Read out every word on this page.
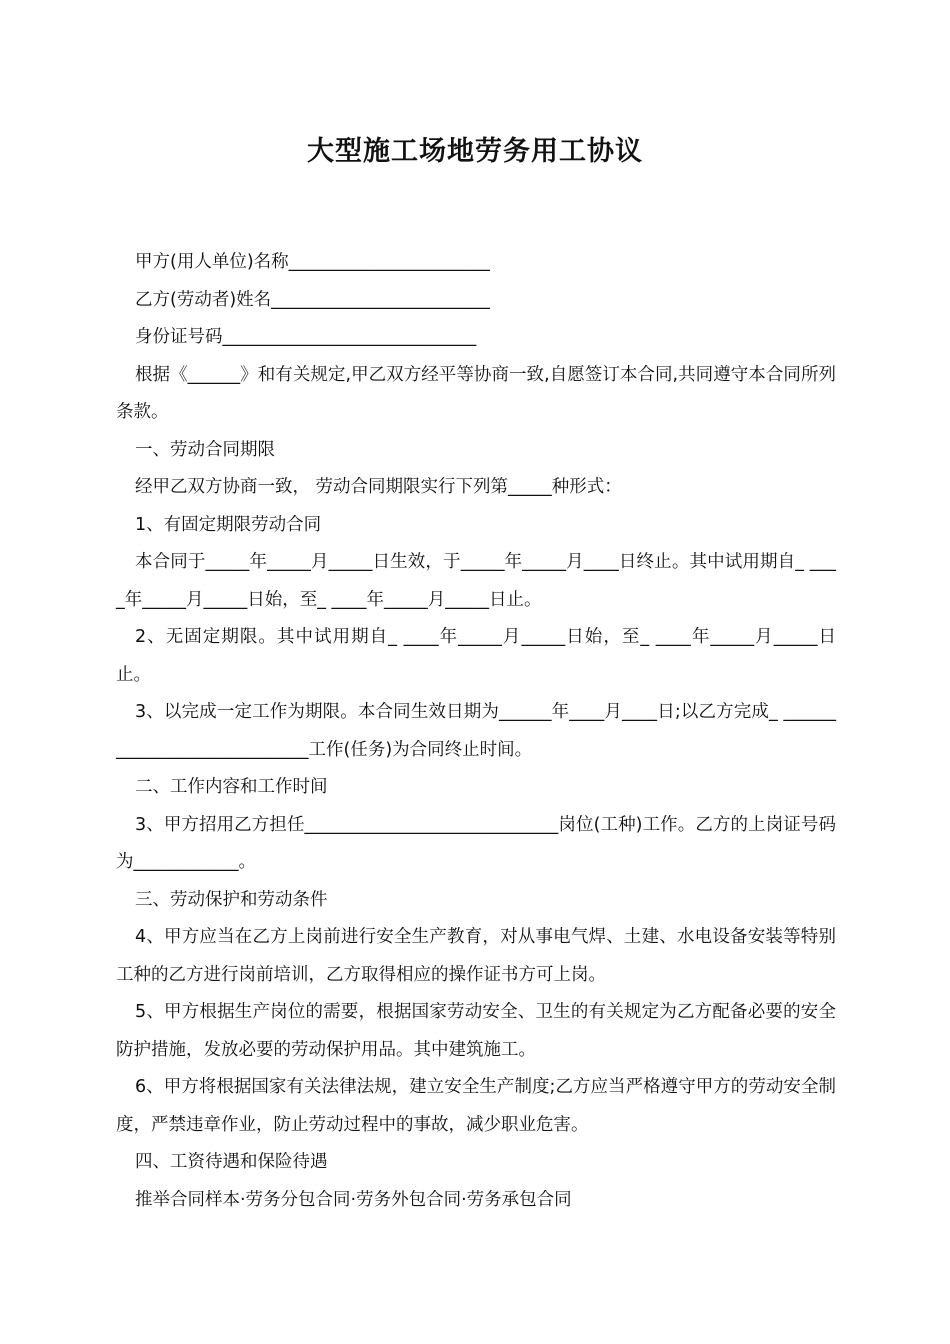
大型施工场地劳务用工协议

甲方(用人单位)名称_______________________

乙方(劳动者)姓名_________________________

身份证号码_____________________________

根据《______》和有关规定,甲乙双方经平等协商一致,自愿签订本合同,共同遵守本合同所列条款。

一、劳动合同期限

经甲乙双方协商一致， 劳动合同期限实行下列第_____种形式：

1、有固定期限劳动合同

本合同于_____年_____月_____日生效，于_____年_____月____日终止。其中试用期自_ ____年_____月_____日始，至_ ____年_____月_____日止。

2、无固定期限。其中试用期自_ ____年_____月_____日始，至_ ____年_____月_____日止。

3、以完成一定工作为期限。本合同生效日期为______年____月____日;以乙方完成_ ____________________________工作(任务)为合同终止时间。

二、工作内容和工作时间

3、甲方招用乙方担任_____________________________岗位(工种)工作。乙方的上岗证号码为____________。

三、劳动保护和劳动条件

4、甲方应当在乙方上岗前进行安全生产教育，对从事电气焊、土建、水电设备安装等特别工种的乙方进行岗前培训，乙方取得相应的操作证书方可上岗。

5、甲方根据生产岗位的需要，根据国家劳动安全、卫生的有关规定为乙方配备必要的安全防护措施，发放必要的劳动保护用品。其中建筑施工。

6、甲方将根据国家有关法律法规，建立安全生产制度;乙方应当严格遵守甲方的劳动安全制度，严禁违章作业，防止劳动过程中的事故，减少职业危害。

四、工资待遇和保险待遇

推举合同样本·劳务分包合同·劳务外包合同·劳务承包合同
